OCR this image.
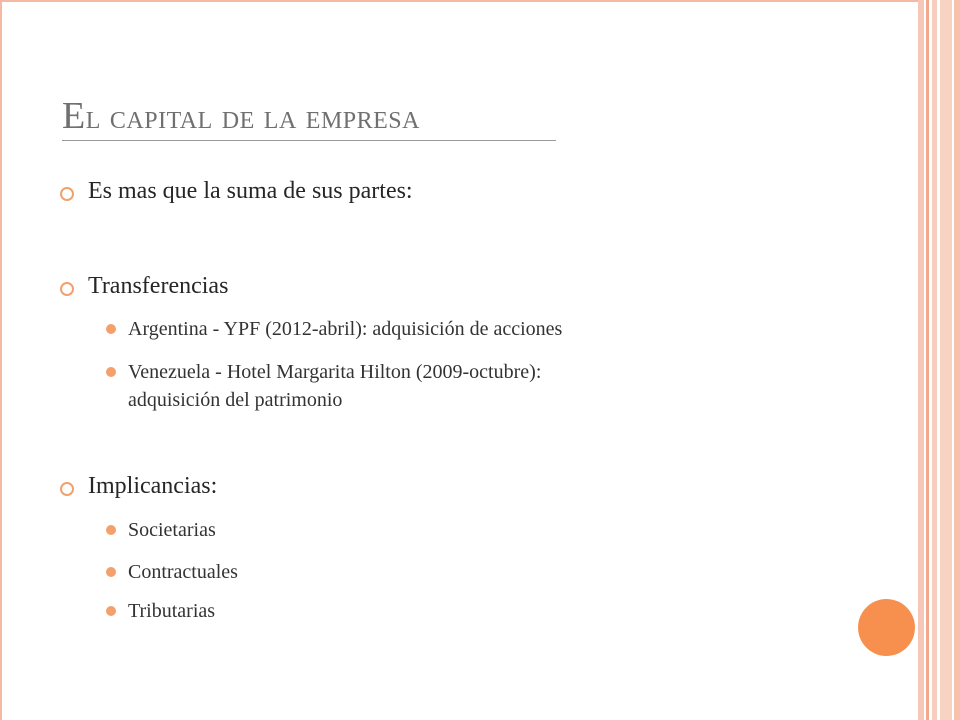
El capital de la empresa
Es mas que la suma de sus partes:
Transferencias
Argentina - YPF (2012-abril): adquisición de acciones
Venezuela - Hotel Margarita Hilton (2009-octubre):
adquisición del patrimonio
Implicancias:
Societarias
Contractuales
Tributarias
